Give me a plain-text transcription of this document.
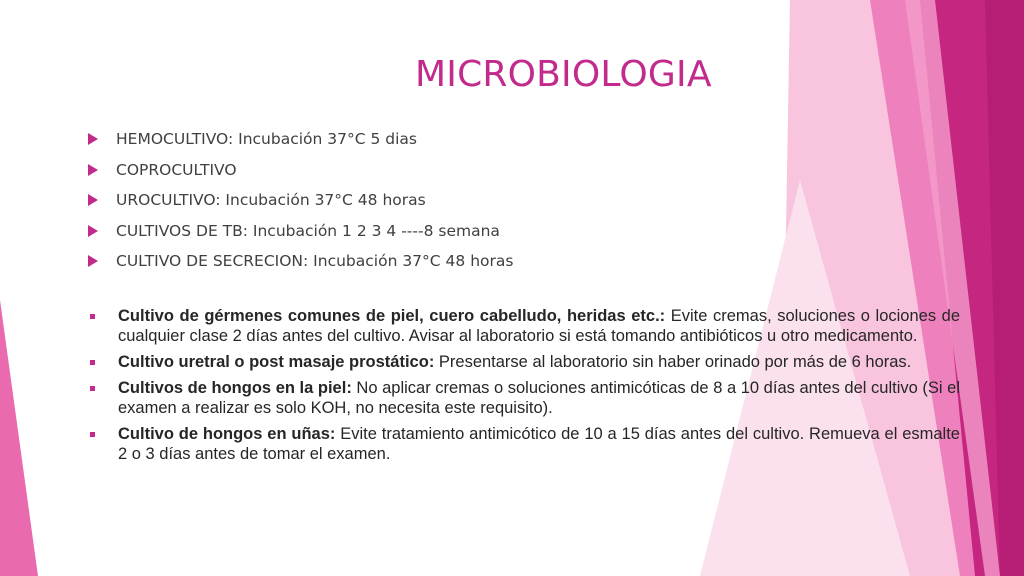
MICROBIOLOGIA
HEMOCULTIVO: Incubación 37°C 5 dias
COPROCULTIVO
UROCULTIVO: Incubación 37°C 48 horas
CULTIVOS DE TB: Incubación 1 2 3 4 ----8 semana
CULTIVO DE SECRECION: Incubación 37°C 48 horas
Cultivo de gérmenes comunes de piel, cuero cabelludo, heridas etc.: Evite cremas, soluciones o lociones de cualquier clase 2 días antes del cultivo. Avisar al laboratorio si está tomando antibióticos u otro medicamento.
Cultivo uretral o post masaje prostático: Presentarse al laboratorio sin haber orinado por más de 6 horas.
Cultivos de hongos en la piel: No aplicar cremas o soluciones antimicóticas de 8 a 10 días antes del cultivo (Si el examen a realizar es solo KOH, no necesita este requisito).
Cultivo de hongos en uñas: Evite tratamiento antimicótico de 10 a 15 días antes del cultivo. Remueva el esmalte 2 o 3 días antes de tomar el examen.
